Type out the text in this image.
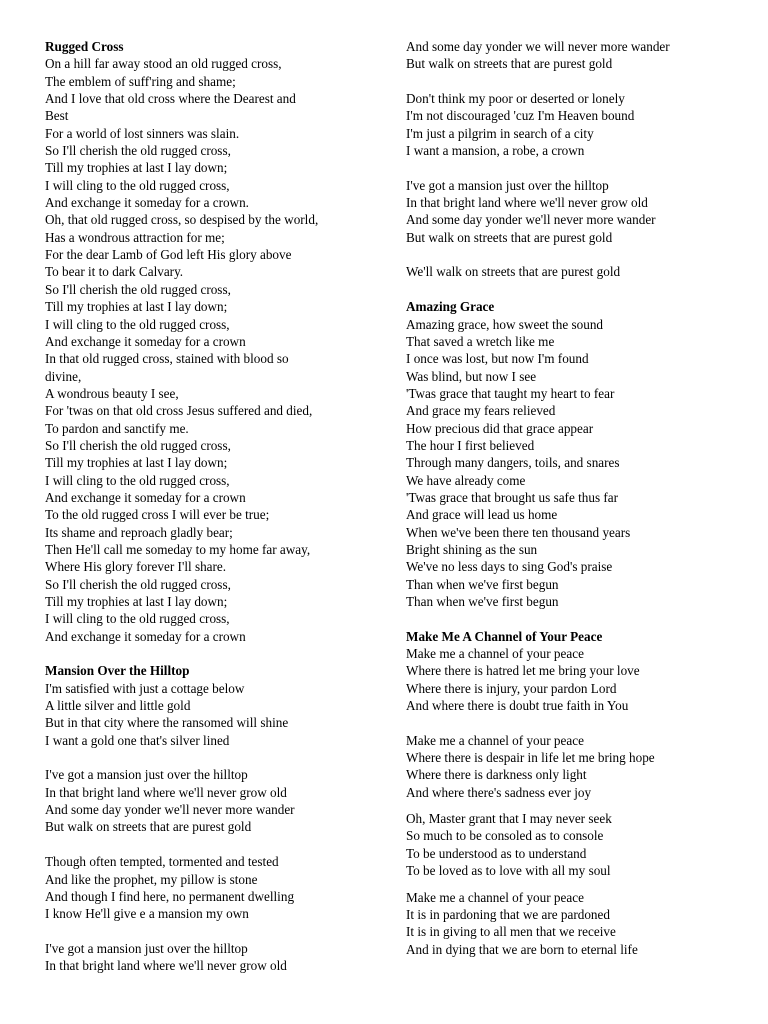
Rugged Cross
On a hill far away stood an old rugged cross,
The emblem of suff'ring and shame;
And I love that old cross where the Dearest and
Best
For a world of lost sinners was slain.
So I'll cherish the old rugged cross,
Till my trophies at last I lay down;
I will cling to the old rugged cross,
And exchange it someday for a crown.
Oh, that old rugged cross, so despised by the world,
Has a wondrous attraction for me;
For the dear Lamb of God left His glory above
To bear it to dark Calvary.
So I'll cherish the old rugged cross,
Till my trophies at last I lay down;
I will cling to the old rugged cross,
And exchange it someday for a crown
In that old rugged cross, stained with blood so
divine,
A wondrous beauty I see,
For 'twas on that old cross Jesus suffered and died,
To pardon and sanctify me.
So I'll cherish the old rugged cross,
Till my trophies at last I lay down;
I will cling to the old rugged cross,
And exchange it someday for a crown
To the old rugged cross I will ever be true;
Its shame and reproach gladly bear;
Then He'll call me someday to my home far away,
Where His glory forever I'll share.
So I'll cherish the old rugged cross,
Till my trophies at last I lay down;
I will cling to the old rugged cross,
And exchange it someday for a crown
Mansion Over the Hilltop
I'm satisfied with just a cottage below
A little silver and little gold
But in that city where the ransomed will shine
I want a gold one that's silver lined
I've got a mansion just over the hilltop
In that bright land where we'll never grow old
And some day yonder we'll never more wander
But walk on streets that are purest gold
Though often tempted, tormented and tested
And like the prophet, my pillow is stone
And though I find here, no permanent dwelling
I know He'll give e a mansion my own
I've got a mansion just over the hilltop
In that bright land where we'll never grow old
And some day yonder we will never more wander
But walk on streets that are purest gold
Don't think my poor or deserted or lonely
I'm not discouraged 'cuz I'm Heaven bound
I'm just a pilgrim in search of a city
I want a mansion, a robe, a crown
I've got a mansion just over the hilltop
In that bright land where we'll never grow old
And some day yonder we'll never more wander
But walk on streets that are purest gold
We'll walk on streets that are purest gold
Amazing Grace
Amazing grace, how sweet the sound
That saved a wretch like me
I once was lost, but now I'm found
Was blind, but now I see
'Twas grace that taught my heart to fear
And grace my fears relieved
How precious did that grace appear
The hour I first believed
Through many dangers, toils, and snares
We have already come
'Twas grace that brought us safe thus far
And grace will lead us home
When we've been there ten thousand years
Bright shining as the sun
We've no less days to sing God's praise
Than when we've first begun
Than when we've first begun
Make Me A Channel of Your Peace
Make me a channel of your peace
Where there is hatred let me bring your love
Where there is injury, your pardon Lord
And where there is doubt true faith in You
Make me a channel of your peace
Where there is despair in life let me bring hope
Where there is darkness only light
And where there's sadness ever joy
Oh, Master grant that I may never seek
So much to be consoled as to console
To be understood as to understand
To be loved as to love with all my soul
Make me a channel of your peace
It is in pardoning that we are pardoned
It is in giving to all men that we receive
And in dying that we are born to eternal life
